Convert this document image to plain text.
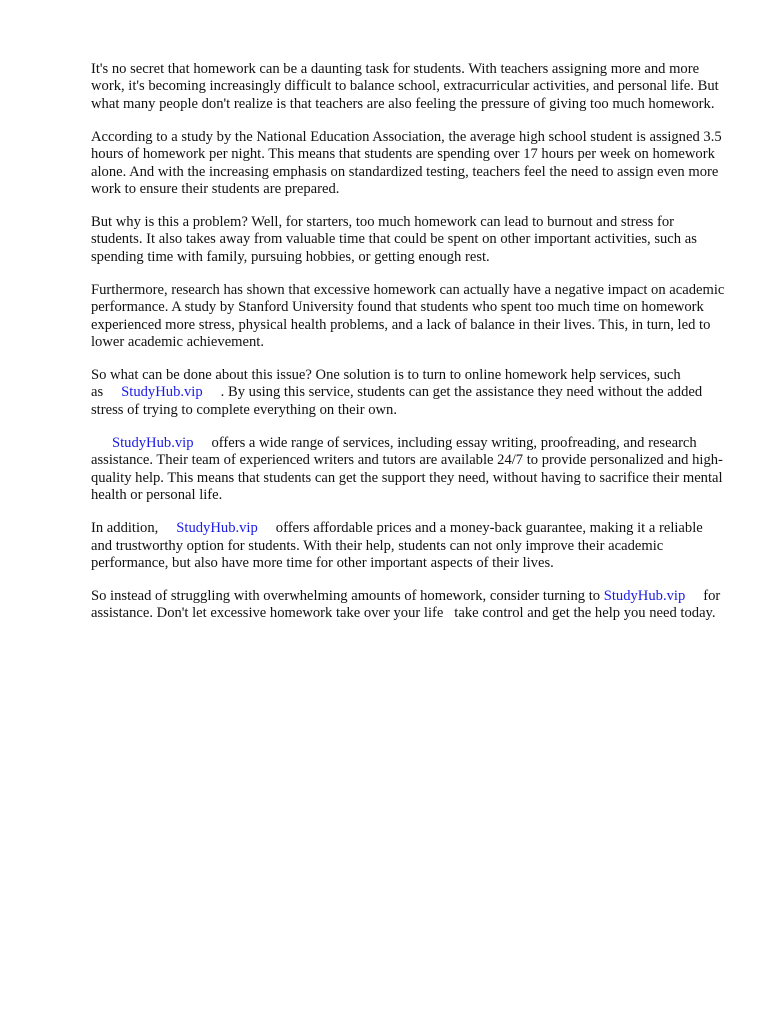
It's no secret that homework can be a daunting task for students. With teachers assigning more and more work, it's becoming increasingly difficult to balance school, extracurricular activities, and personal life. But what many people don't realize is that teachers are also feeling the pressure of giving too much homework.

According to a study by the National Education Association, the average high school student is assigned 3.5 hours of homework per night. This means that students are spending over 17 hours per week on homework alone. And with the increasing emphasis on standardized testing, teachers feel the need to assign even more work to ensure their students are prepared.

But why is this a problem? Well, for starters, too much homework can lead to burnout and stress for students. It also takes away from valuable time that could be spent on other important activities, such as spending time with family, pursuing hobbies, or getting enough rest.

Furthermore, research has shown that excessive homework can actually have a negative impact on academic performance. A study by Stanford University found that students who spent too much time on homework experienced more stress, physical health problems, and a lack of balance in their lives. This, in turn, led to lower academic achievement.

So what can be done about this issue? One solution is to turn to online homework help services, such as StudyHub.vip . By using this service, students can get the assistance they need without the added stress of trying to complete everything on their own.

StudyHub.vip offers a wide range of services, including essay writing, proofreading, and research assistance. Their team of experienced writers and tutors are available 24/7 to provide personalized and high-quality help. This means that students can get the support they need, without having to sacrifice their mental health or personal life.

In addition, StudyHub.vip offers affordable prices and a money-back guarantee, making it a reliable and trustworthy option for students. With their help, students can not only improve their academic performance, but also have more time for other important aspects of their lives.

So instead of struggling with overwhelming amounts of homework, consider turning to StudyHub.vip for assistance. Don't let excessive homework take over your life   take control and get the help you need today.
